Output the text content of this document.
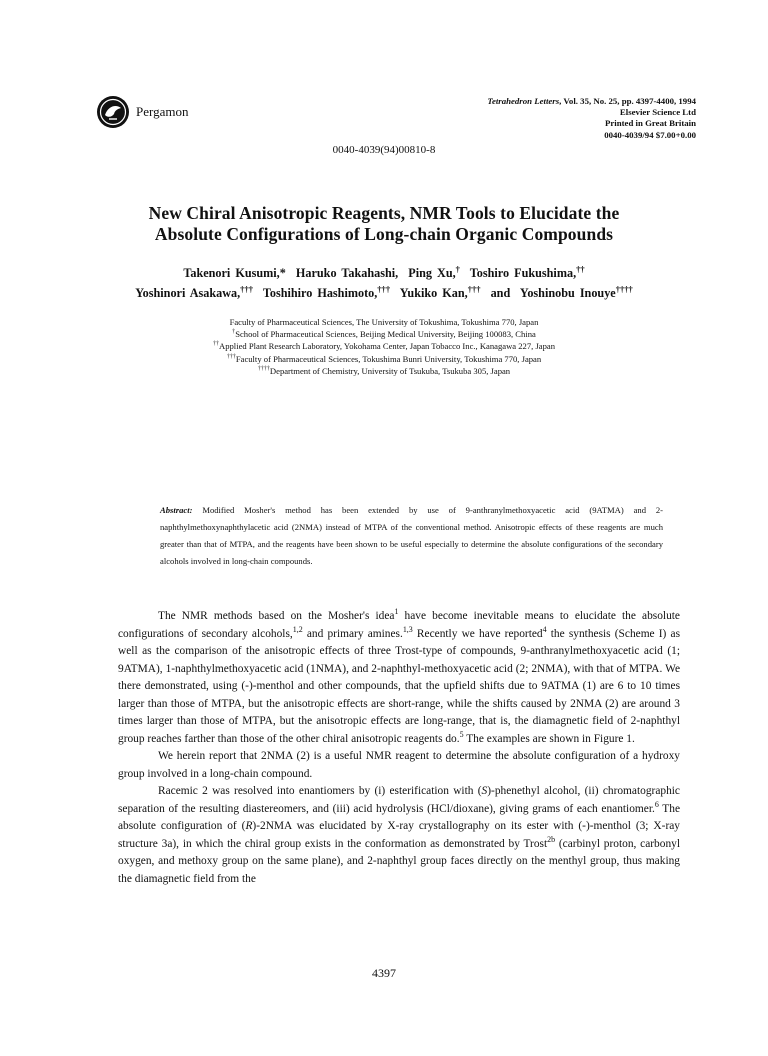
Pergamon
Tetrahedron Letters, Vol. 35, No. 25, pp. 4397-4400, 1994
Elsevier Science Ltd
Printed in Great Britain
0040-4039/94 $7.00+0.00
0040-4039(94)00810-8
New Chiral Anisotropic Reagents, NMR Tools to Elucidate the
Absolute Configurations of Long-chain Organic Compounds
Takenori Kusumi,* Haruko Takahashi, Ping Xu,† Toshiro Fukushima,††
Yoshinori Asakawa,††† Toshihiro Hashimoto,††† Yukiko Kan,††† and Yoshinobu Inouye††††
Faculty of Pharmaceutical Sciences, The University of Tokushima, Tokushima 770, Japan
†School of Pharmaceutical Sciences, Beijing Medical University, Beijing 100083, China
††Applied Plant Research Laboratory, Yokohama Center, Japan Tobacco Inc., Kanagawa 227, Japan
†††Faculty of Pharmaceutical Sciences, Tokushima Bunri University, Tokushima 770, Japan
††††Department of Chemistry, University of Tsukuba, Tsukuba 305, Japan
Abstract: Modified Mosher's method has been extended by use of 9-anthranylmethoxyacetic acid (9ATMA) and 2-naphthylmethoxynaphthylacetic acid (2NMA) instead of MTPA of the conventional method. Anisotropic effects of these reagents are much greater than that of MTPA, and the reagents have been shown to be useful especially to determine the absolute configurations of the secondary alcohols involved in long-chain compounds.

The NMR methods based on the Mosher's idea$^1$ have become inevitable means to elucidate the absolute configurations of secondary alcohols,$^{1,2}$ and primary amines.$^{1,3}$ Recently we have reported$^4$ the synthesis (Scheme I) as well as the comparison of the anisotropic effects of three Trost-type of compounds, 9-anthranylmethoxyacetic acid (1; 9ATMA), 1-naphthylmethoxyacetic acid (1NMA), and 2-naphthyl-methoxyacetic acid (2; 2NMA), with that of MTPA. We there demonstrated, using (-)-menthol and other compounds, that the upfield shifts due to 9ATMA (1) are 6 to 10 times larger than those of MTPA, but the anisotropic effects are short-range, while the shifts caused by 2NMA (2) are around 3 times larger than those of MTPA, but the anisotropic effects are long-range, that is, the diamagnetic field of 2-naphthyl group reaches farther than those of the other chiral anisotropic reagents do.$^5$ The examples are shown in Figure 1.

We herein report that 2NMA (2) is a useful NMR reagent to determine the absolute configuration of a hydroxy group involved in a long-chain compound.

Racemic 2 was resolved into enantiomers by (i) esterification with (S)-phenethyl alcohol, (ii) chromatographic separation of the resulting diastereomers, and (iii) acid hydrolysis (HCl/dioxane), giving grams of each enantiomer.$^6$ The absolute configuration of (R)-2NMA was elucidated by X-ray crystallography on its ester with (-)-menthol (3; X-ray structure 3a), in which the chiral group exists in the conformation as demonstrated by Trost$^{2b}$ (carbinyl proton, carbonyl oxygen, and methoxy group on the same plane), and 2-naphthyl group faces directly on the menthyl group, thus making the diamagnetic field from the

4397
